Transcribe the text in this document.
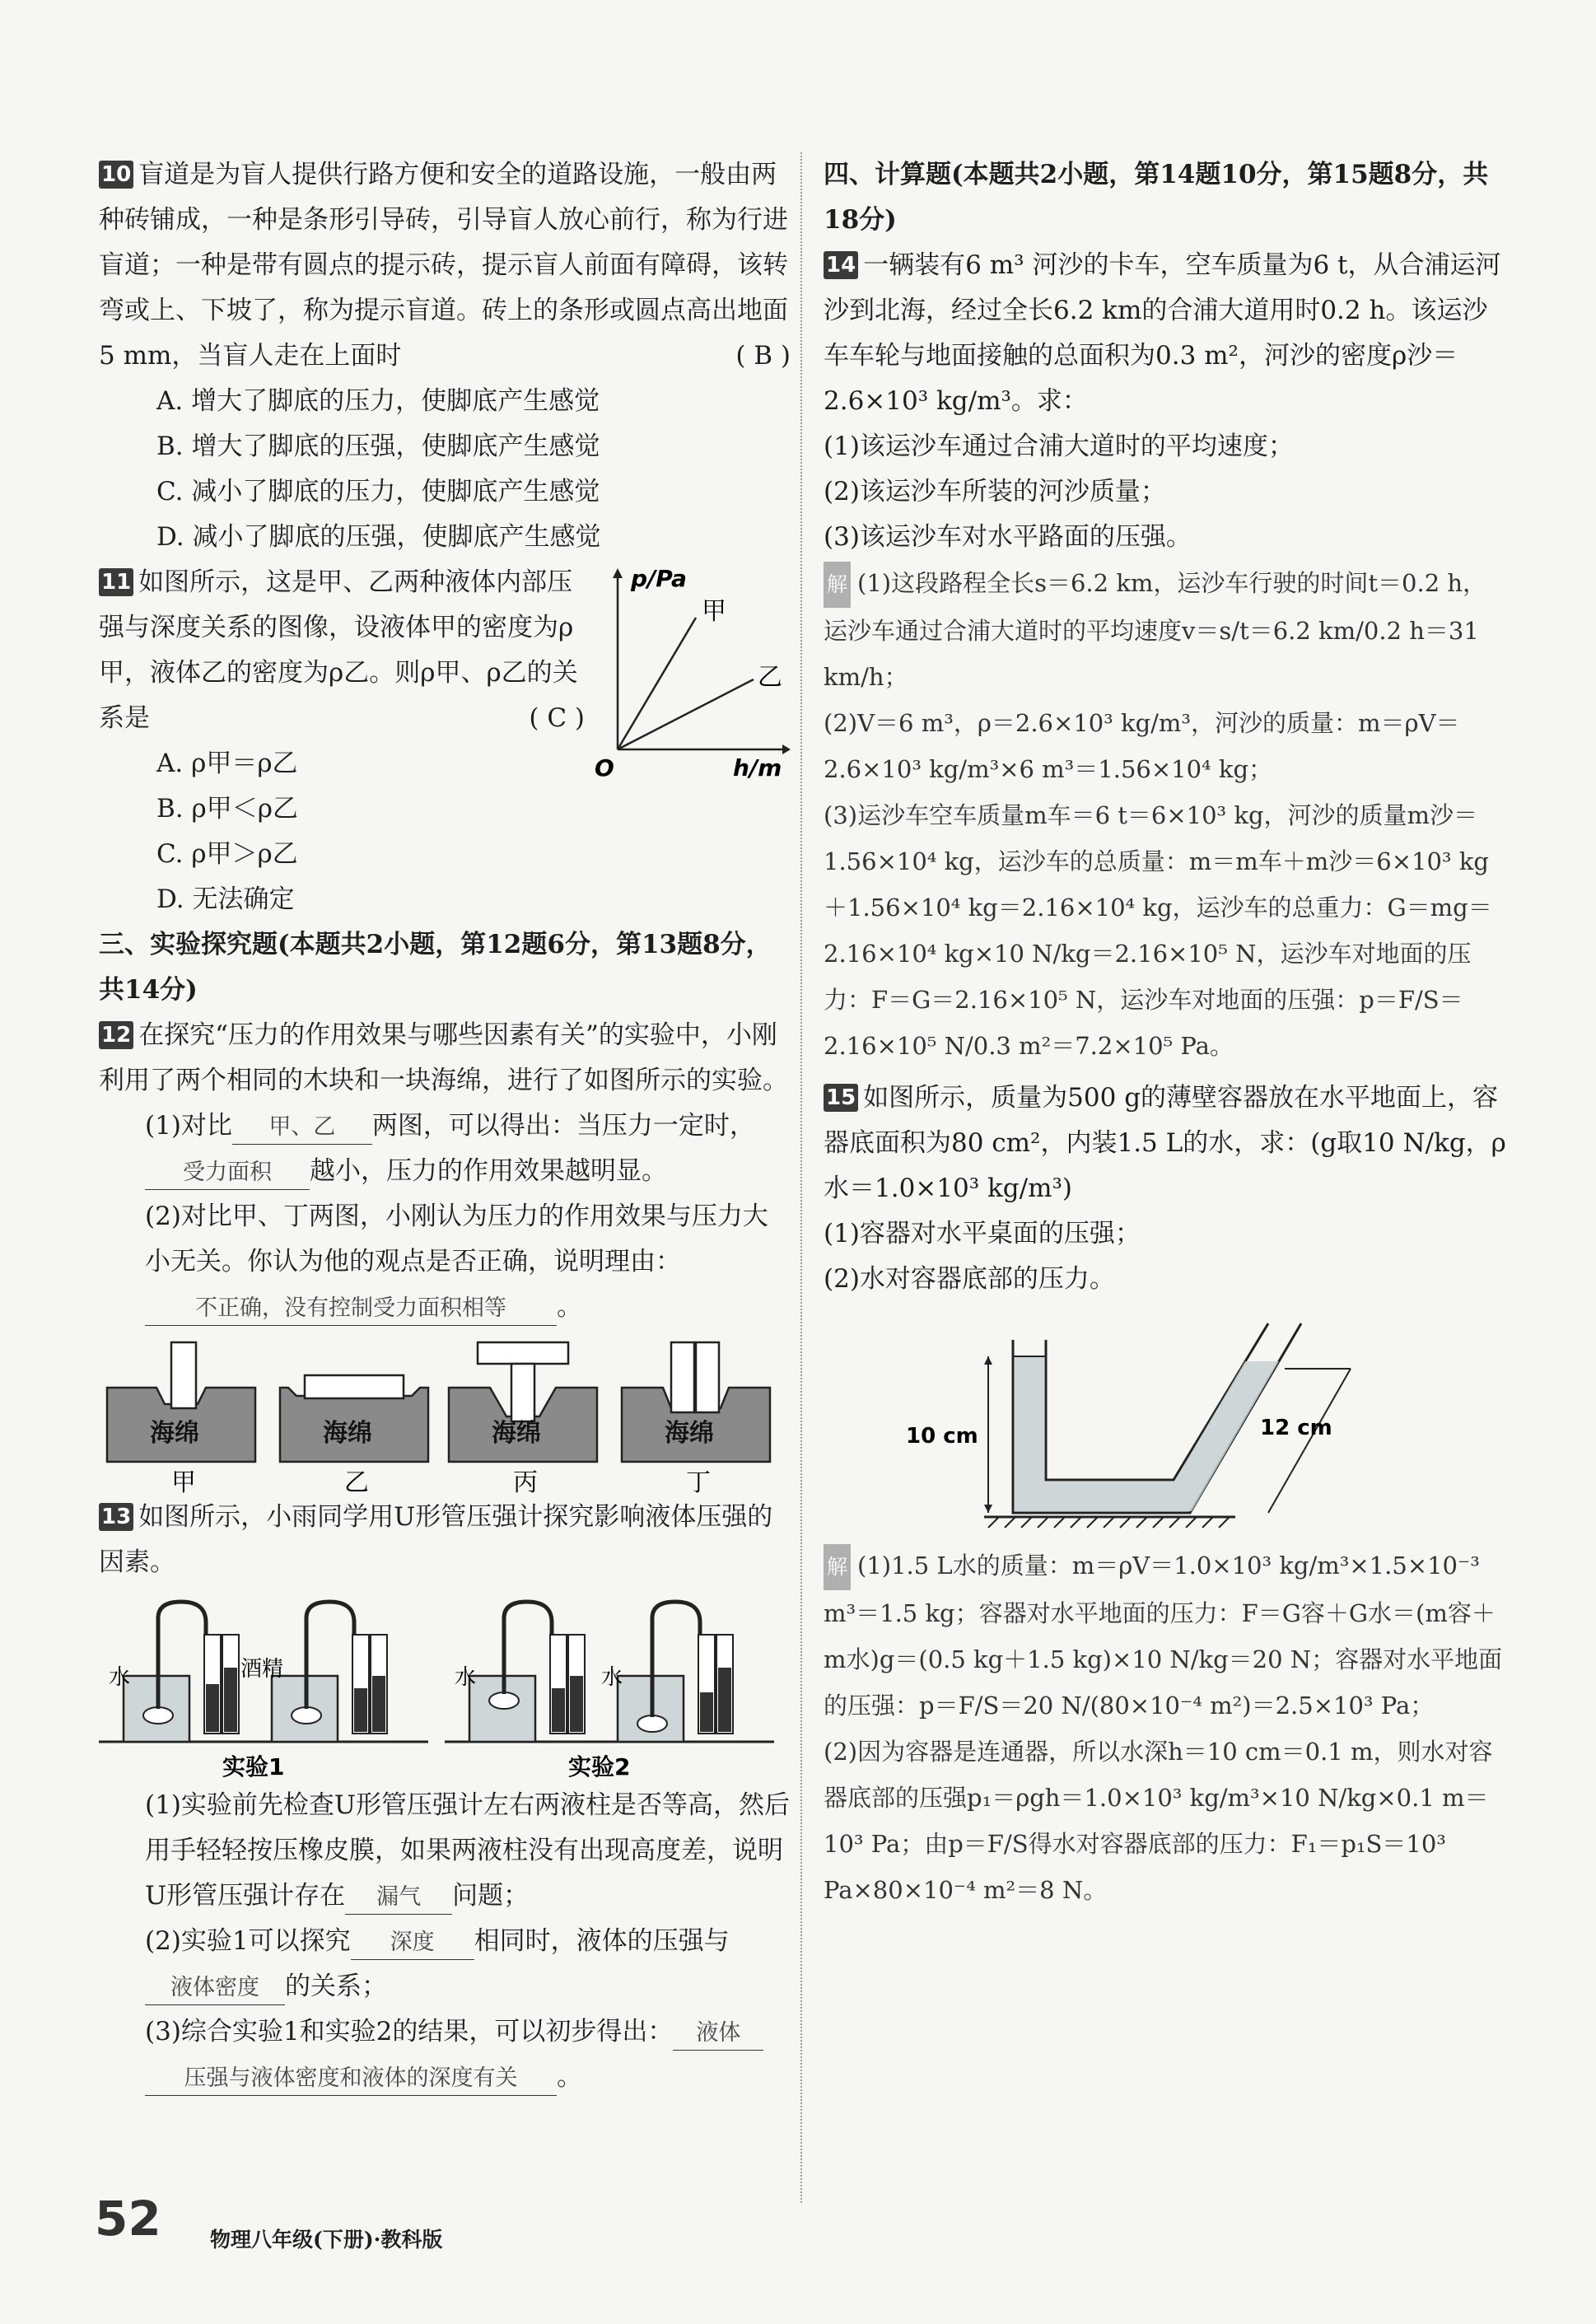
10 盲道是为盲人提供行路方便和安全的道路设施，一般由两种砖铺成，一种是条形引导砖，引导盲人放心前行，称为行进盲道；一种是带有圆点的提示砖，提示盲人前面有障碍，该转弯或上、下坡了，称为提示盲道。砖上的条形或圆点高出地面5 mm，当盲人走在上面时	( B )

A. 增大了脚底的压力，使脚底产生感觉

B. 增大了脚底的压强，使脚底产生感觉

C. 减小了脚底的压力，使脚底产生感觉

D. 减小了脚底的压强，使脚底产生感觉

11 如图所示，这是甲、乙两种液体内部压强与深度关系的图像，设液体甲的密度为ρ甲，液体乙的密度为ρ乙。则ρ甲、ρ乙的关系是	( C )

A. ρ甲＝ρ乙

B. ρ甲＜ρ乙

C. ρ甲＞ρ乙

D. 无法确定

p/Pa
h/m
O
甲
乙

三、实验探究题(本题共2小题，第12题6分，第13题8分，共14分)

12 在探究“压力的作用效果与哪些因素有关”的实验中，小刚利用了两个相同的木块和一块海绵，进行了如图所示的实验。

(1)对比 甲、乙 两图，可以得出：当压力一定时，受力面积 越小，压力的作用效果越明显。

(2)对比甲、丁两图，小刚认为压力的作用效果与压力大小无关。你认为他的观点是否正确，说明理由：不正确，没有控制受力面积相等 。

海绵
甲
海绵
乙
海绵
丙
海绵
丁

13 如图所示，小雨同学用U形管压强计探究影响液体压强的因素。

水	酒精
实验1
水	水
实验2

(1)实验前先检查U形管压强计左右两液柱是否等高，然后用手轻轻按压橡皮膜，如果两液柱没有出现高度差，说明U形管压强计存在 漏气 问题；

(2)实验1可以探究 深度 相同时，液体的压强与液体密度 的关系；

(3)综合实验1和实验2的结果，可以初步得出： 液体压强与液体密度和液体的深度有关 。

四、计算题(本题共2小题，第14题10分，第15题8分，共18分)

14 一辆装有6 m³ 河沙的卡车，空车质量为6 t，从合浦运河沙到北海，经过全长6.2 km的合浦大道用时0.2 h。该运沙车车轮与地面接触的总面积为0.3 m²，河沙的密度ρ沙＝2.6×10³ kg/m³。求：

(1)该运沙车通过合浦大道时的平均速度；

(2)该运沙车所装的河沙质量；

(3)该运沙车对水平路面的压强。

解 (1)这段路程全长s＝6.2 km，运沙车行驶的时间t＝0.2 h，运沙车通过合浦大道时的平均速度v＝s/t＝6.2 km/0.2 h＝31 km/h；

(2)V＝6 m³，ρ＝2.6×10³ kg/m³，河沙的质量：m＝ρV＝2.6×10³ kg/m³×6 m³＝1.56×10⁴ kg；

(3)运沙车空车质量m车＝6 t＝6×10³ kg，河沙的质量m沙＝1.56×10⁴ kg，运沙车的总质量：m＝m车＋m沙＝6×10³ kg＋1.56×10⁴ kg＝2.16×10⁴ kg，运沙车的总重力：G＝mg＝2.16×10⁴ kg×10 N/kg＝2.16×10⁵ N，运沙车对地面的压力：F＝G＝2.16×10⁵ N，运沙车对地面的压强：p＝F/S＝2.16×10⁵ N/0.3 m²＝7.2×10⁵ Pa。

15 如图所示，质量为500 g的薄壁容器放在水平地面上，容器底面积为80 cm²，内装1.5 L的水，求：(g取10 N/kg，ρ水＝1.0×10³ kg/m³)

(1)容器对水平桌面的压强；

(2)水对容器底部的压力。

10 cm	12 cm

解 (1)1.5 L水的质量：m＝ρV＝1.0×10³ kg/m³×1.5×10⁻³ m³＝1.5 kg；容器对水平地面的压力：F＝G容＋G水＝(m容＋m水)g＝(0.5 kg＋1.5 kg)×10 N/kg＝20 N；容器对水平地面的压强：p＝F/S＝20 N/(80×10⁻⁴ m²)＝2.5×10³ Pa；

(2)因为容器是连通器，所以水深h＝10 cm＝0.1 m，则水对容器底部的压强p₁＝ρgh＝1.0×10³ kg/m³×10 N/kg×0.1 m＝10³ Pa；由p＝F/S得水对容器底部的压力：F₁＝p₁S＝10³ Pa×80×10⁻⁴ m²＝8 N。

52 物理八年级(下册)·教科版
